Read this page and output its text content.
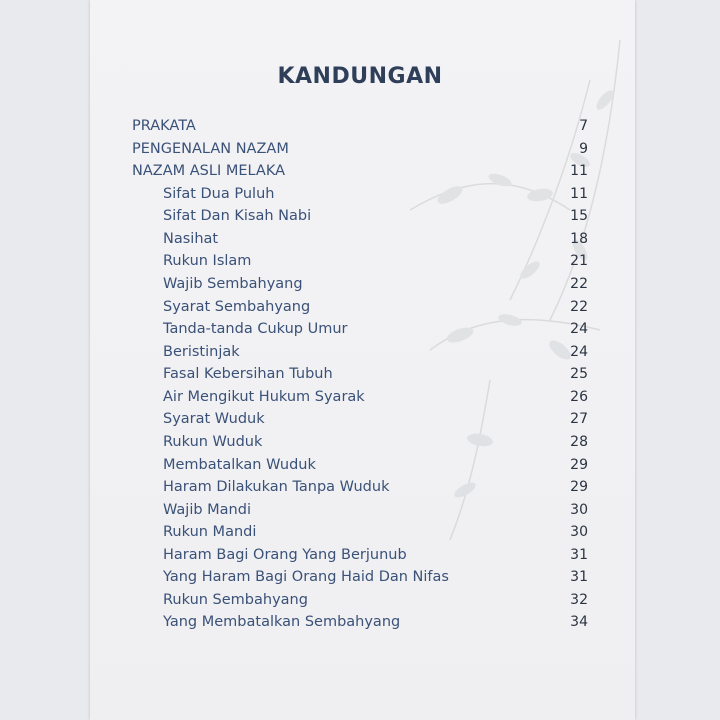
KANDUNGAN
PRAKATA	7
PENGENALAN NAZAM	9
NAZAM ASLI MELAKA	11
Sifat Dua Puluh	11
Sifat Dan Kisah Nabi	15
Nasihat	18
Rukun Islam	21
Wajib Sembahyang	22
Syarat Sembahyang	22
Tanda-tanda Cukup Umur	24
Beristinjak	24
Fasal Kebersihan Tubuh	25
Air Mengikut Hukum Syarak	26
Syarat Wuduk	27
Rukun Wuduk	28
Membatalkan Wuduk	29
Haram Dilakukan Tanpa Wuduk	29
Wajib Mandi	30
Rukun Mandi	30
Haram Bagi Orang Yang Berjunub	31
Yang Haram Bagi Orang Haid Dan Nifas	31
Rukun Sembahyang	32
Yang Membatalkan Sembahyang	34
